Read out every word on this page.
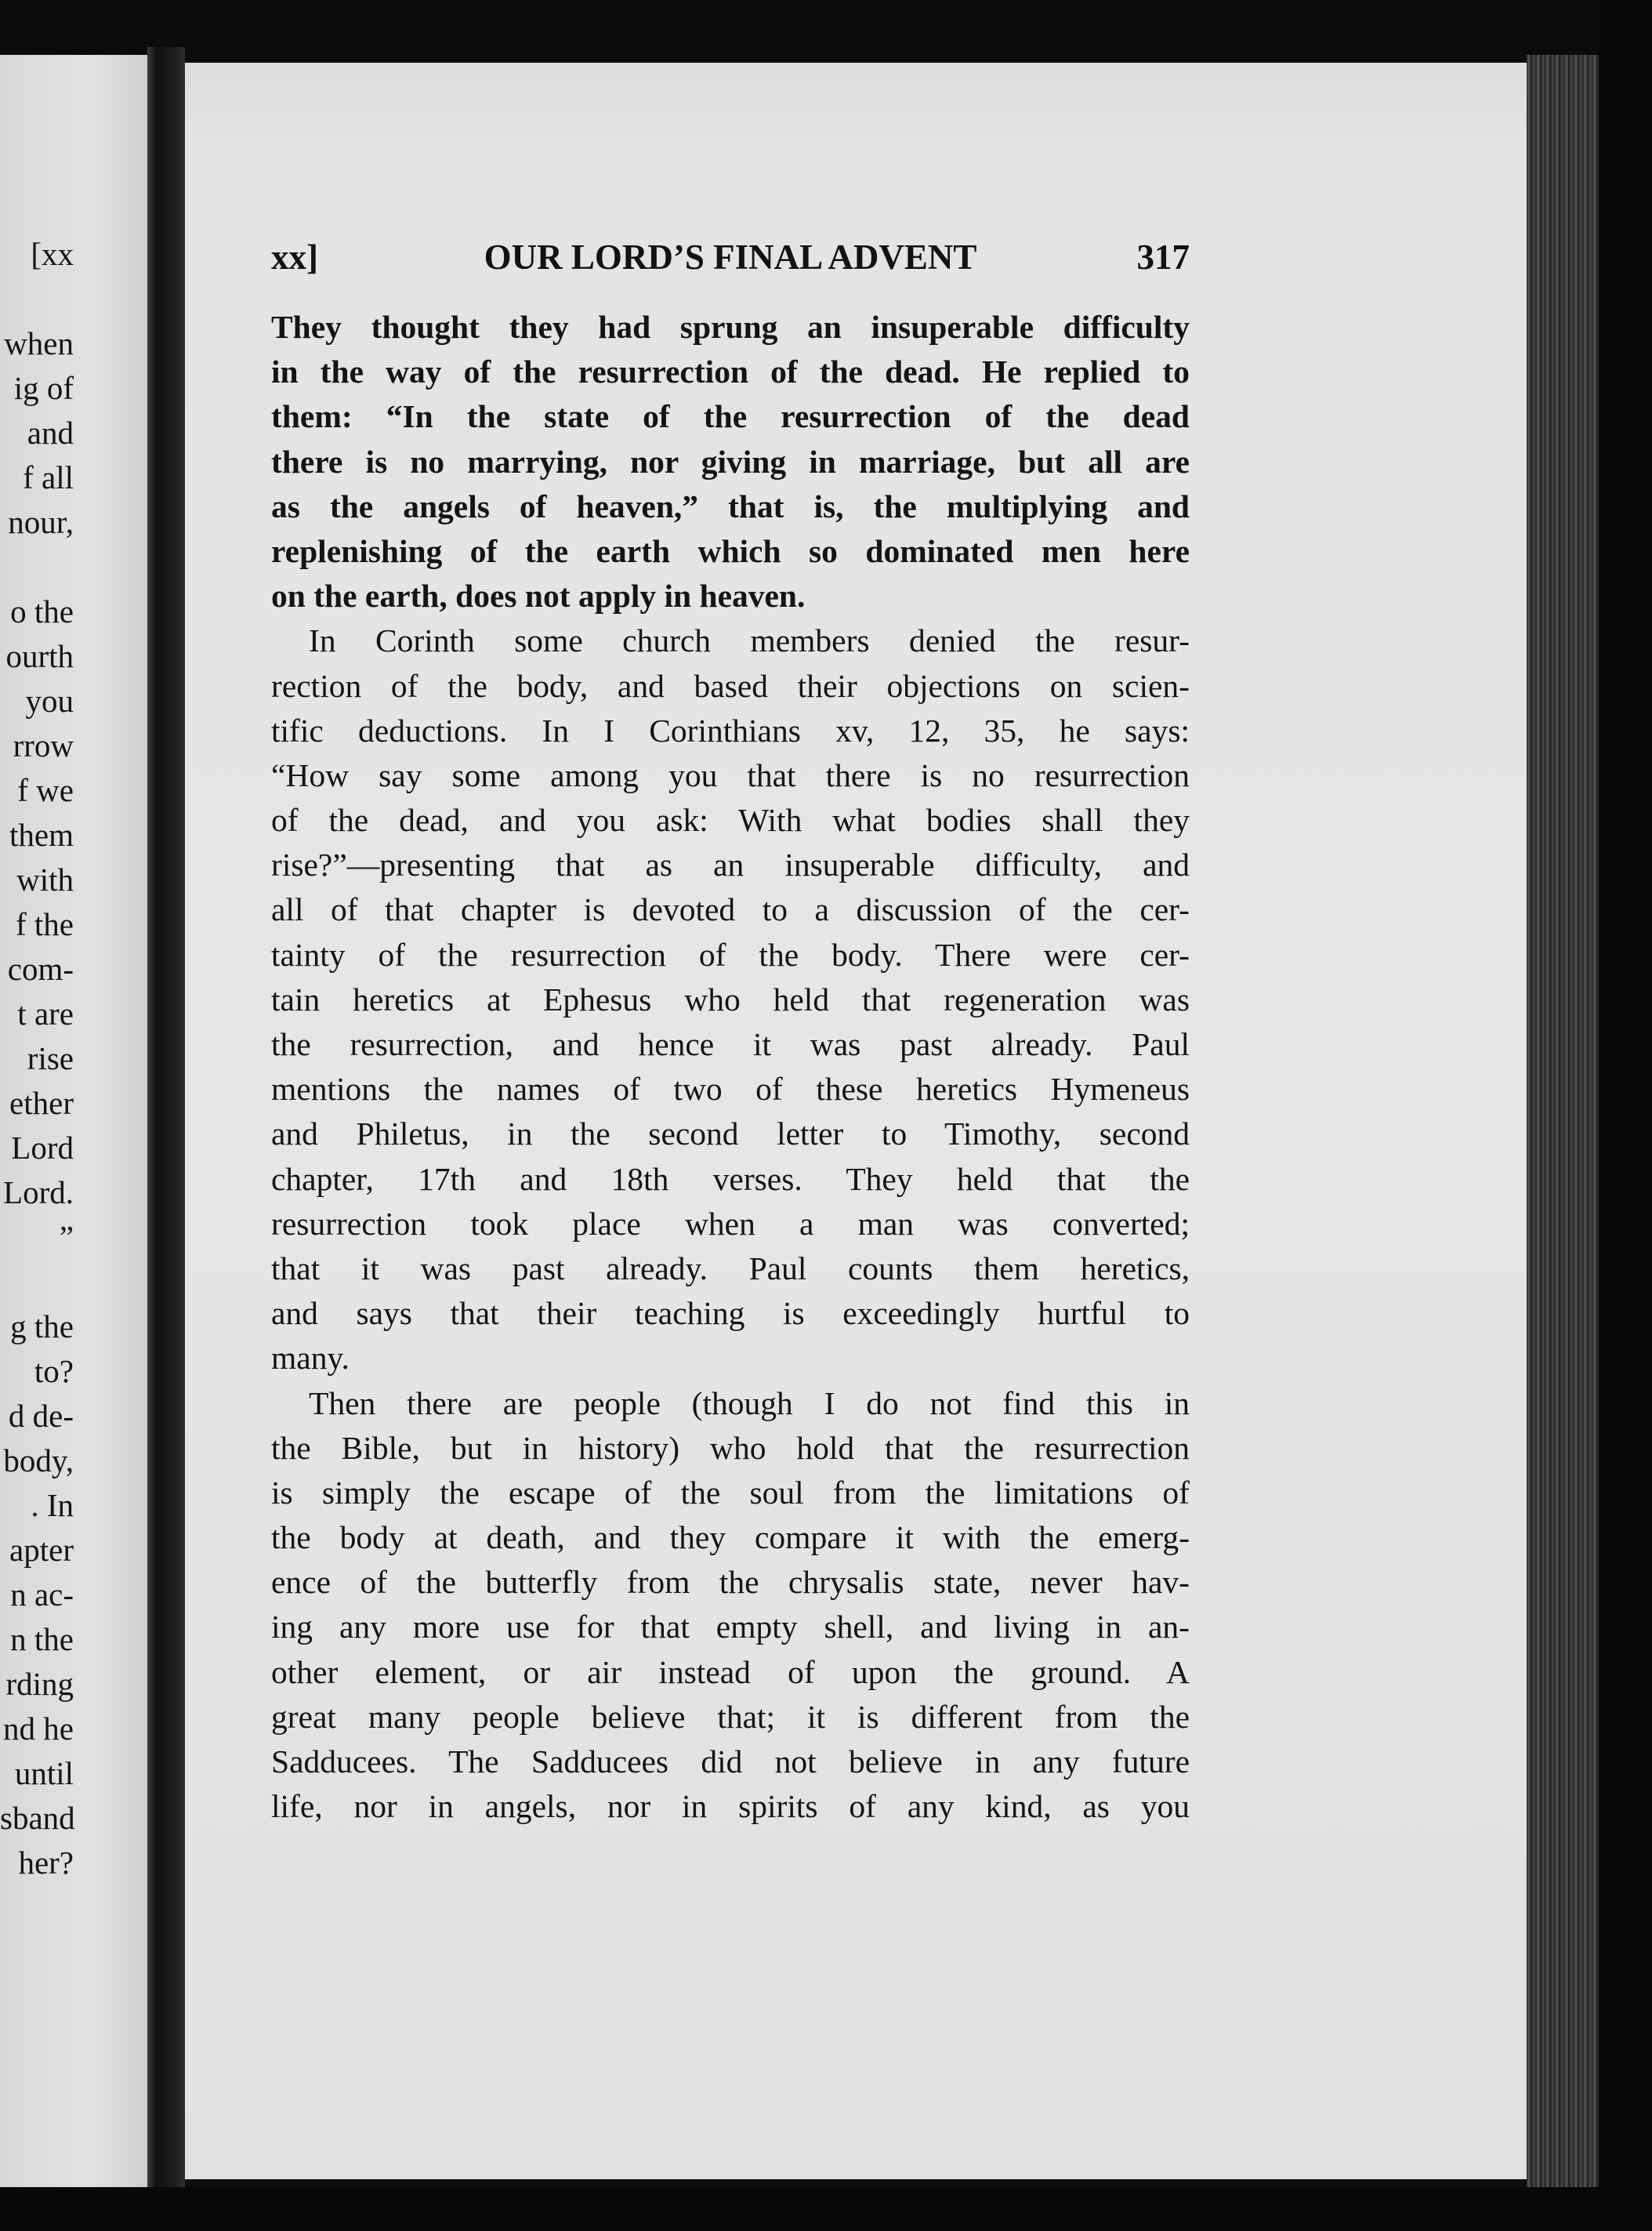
[xx
when
ig of
and
f all
nour,
o the
ourth
you
rrow
f we
them
with
f the
com-
t are
rise
ether
Lord
Lord.
”
g the
to?
d de-
body,
. In
apter
n ac-
n the
rding
nd he
until
sband
her?
xx]	OUR LORD’S FINAL ADVENT	317
They thought they had sprung an insuperable difficulty
in the way of the resurrection of the dead. He replied to
them: “In the state of the resurrection of the dead
there is no marrying, nor giving in marriage, but all are
as the angels of heaven,” that is, the multiplying and
replenishing of the earth which so dominated men here
on the earth, does not apply in heaven.
In Corinth some church members denied the resur-
rection of the body, and based their objections on scien-
tific deductions. In I Corinthians xv, 12, 35, he says:
“How say some among you that there is no resurrection
of the dead, and you ask: With what bodies shall they
rise?”—presenting that as an insuperable difficulty, and
all of that chapter is devoted to a discussion of the cer-
tainty of the resurrection of the body. There were cer-
tain heretics at Ephesus who held that regeneration was
the resurrection, and hence it was past already. Paul
mentions the names of two of these heretics Hymeneus
and Philetus, in the second letter to Timothy, second
chapter, 17th and 18th verses. They held that the
resurrection took place when a man was converted;
that it was past already. Paul counts them heretics,
and says that their teaching is exceedingly hurtful to
many.
Then there are people (though I do not find this in
the Bible, but in history) who hold that the resurrection
is simply the escape of the soul from the limitations of
the body at death, and they compare it with the emerg-
ence of the butterfly from the chrysalis state, never hav-
ing any more use for that empty shell, and living in an-
other element, or air instead of upon the ground. A
great many people believe that; it is different from the
Sadducees. The Sadducees did not believe in any future
life, nor in angels, nor in spirits of any kind, as you
